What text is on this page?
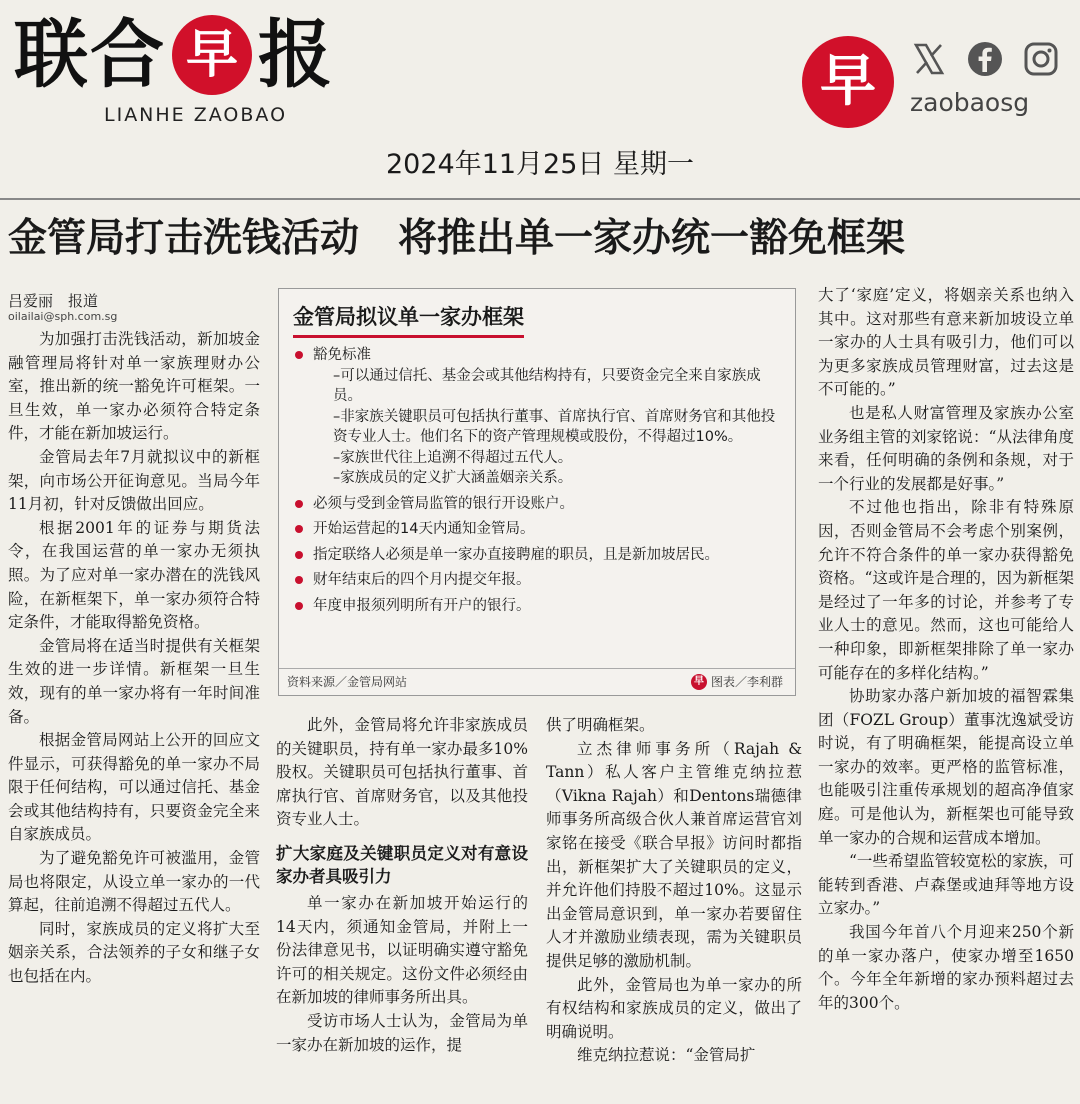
联 合 早 报
LIANHE ZAOBAO
早	zaobaosg
2024年11月25日 星期一
金管局打击洗钱活动　将推出单一家办统一豁免框架
吕爱丽　报道
oilailai@sph.com.sg

为加强打击洗钱活动，新加坡金融管理局将针对单一家族理财办公室，推出新的统一豁免许可框架。一旦生效，单一家办必须符合特定条件，才能在新加坡运行。

金管局去年7月就拟议中的新框架，向市场公开征询意见。当局今年11月初，针对反馈做出回应。

根据2001年的证券与期货法令，在我国运营的单一家办无须执照。为了应对单一家办潜在的洗钱风险，在新框架下，单一家办须符合特定条件，才能取得豁免资格。

金管局将在适当时提供有关框架生效的进一步详情。新框架一旦生效，现有的单一家办将有一年时间准备。

根据金管局网站上公开的回应文件显示，可获得豁免的单一家办不局限于任何结构，可以通过信托、基金会或其他结构持有，只要资金完全来自家族成员。

为了避免豁免许可被滥用，金管局也将限定，从设立单一家办的一代算起，往前追溯不得超过五代人。

同时，家族成员的定义将扩大至姻亲关系，合法领养的子女和继子女也包括在内。

金管局拟议单一家办框架
豁免标准
–可以通过信托、基金会或其他结构持有，只要资金完全来自家族成员。
–非家族关键职员可包括执行董事、首席执行官、首席财务官和其他投资专业人士。他们名下的资产管理规模或股份，不得超过10%。
–家族世代往上追溯不得超过五代人。
–家族成员的定义扩大涵盖姻亲关系。
必须与受到金管局监管的银行开设账户。
开始运营起的14天内通知金管局。
指定联络人必须是单一家办直接聘雇的职员，且是新加坡居民。
财年结束后的四个月内提交年报。
年度申报须列明所有开户的银行。
资料来源／金管局网站	早 图表／李利群

此外，金管局将允许非家族成员的关键职员，持有单一家办最多10%股权。关键职员可包括执行董事、首席执行官、首席财务官，以及其他投资专业人士。

扩大家庭及关键职员定义对有意设家办者具吸引力

单一家办在新加坡开始运行的14天内，须通知金管局，并附上一份法律意见书，以证明确实遵守豁免许可的相关规定。这份文件必须经由在新加坡的律师事务所出具。

受访市场人士认为，金管局为单一家办在新加坡的运作，提

供了明确框架。

立杰律师事务所（Rajah & Tann）私人客户主管维克纳拉惹（Vikna Rajah）和Dentons瑞德律师事务所高级合伙人兼首席运营官刘家铭在接受《联合早报》访问时都指出，新框架扩大了关键职员的定义，并允许他们持股不超过10%。这显示出金管局意识到，单一家办若要留住人才并激励业绩表现，需为关键职员提供足够的激励机制。

此外，金管局也为单一家办的所有权结构和家族成员的定义，做出了明确说明。

维克纳拉惹说：“金管局扩

大了‘家庭’定义，将姻亲关系也纳入其中。这对那些有意来新加坡设立单一家办的人士具有吸引力，他们可以为更多家族成员管理财富，过去这是不可能的。”

也是私人财富管理及家族办公室业务组主管的刘家铭说：“从法律角度来看，任何明确的条例和条规，对于一个行业的发展都是好事。”

不过他也指出，除非有特殊原因，否则金管局不会考虑个别案例，允许不符合条件的单一家办获得豁免资格。“这或许是合理的，因为新框架是经过了一年多的讨论，并参考了专业人士的意见。然而，这也可能给人一种印象，即新框架排除了单一家办可能存在的多样化结构。”

协助家办落户新加坡的福智霖集团（FOZL Group）董事沈逸斌受访时说，有了明确框架，能提高设立单一家办的效率。更严格的监管标准，也能吸引注重传承规划的超高净值家庭。可是他认为，新框架也可能导致单一家办的合规和运营成本增加。

“一些希望监管较宽松的家族，可能转到香港、卢森堡或迪拜等地方设立家办。”

我国今年首八个月迎来250个新的单一家办落户，使家办增至1650个。今年全年新增的家办预料超过去年的300个。
